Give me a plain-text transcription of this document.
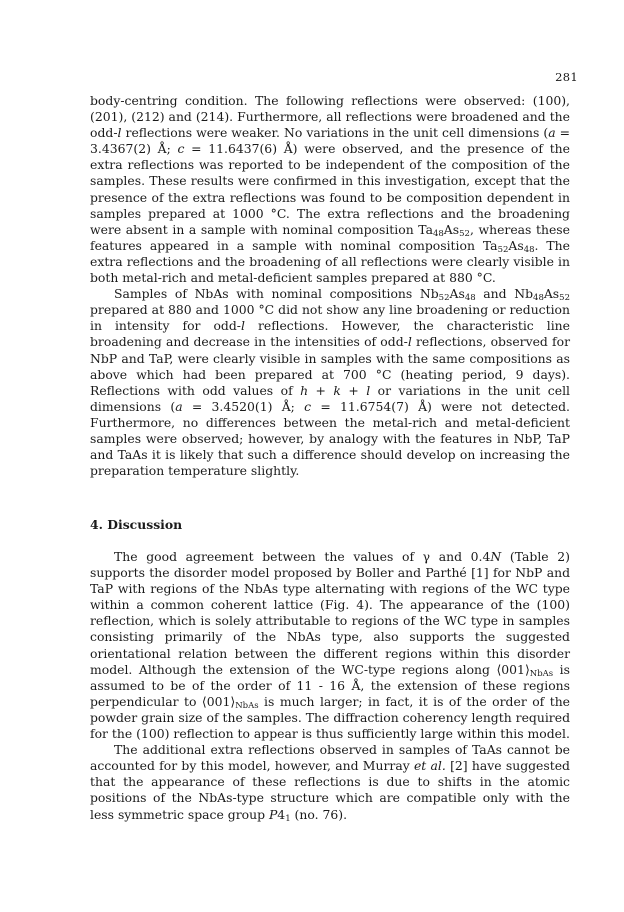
281

body-centring condition. The following reflections were observed: (100), (201), (212) and (214). Furthermore, all reflections were broadened and the odd-l reflections were weaker. No variations in the unit cell dimensions (a = 3.4367(2) Å; c = 11.6437(6) Å) were observed, and the presence of the extra reflections was reported to be independent of the composition of the samples. These results were confirmed in this investigation, except that the presence of the extra reflections was found to be composition dependent in samples prepared at 1000 °C. The extra reflections and the broadening were absent in a sample with nominal composition $Ta_{48}As_{52}$, whereas these features appeared in a sample with nominal composition $Ta_{52}As_{48}$. The extra reflections and the broadening of all reflections were clearly visible in both metal-rich and metal-deficient samples prepared at 880 °C.

Samples of NbAs with nominal compositions $Nb_{52}As_{48}$ and $Nb_{48}As_{52}$ prepared at 880 and 1000 °C did not show any line broadening or reduction in intensity for odd-l reflections. However, the characteristic line broadening and decrease in the intensities of odd-l reflections, observed for NbP and TaP, were clearly visible in samples with the same compositions as above which had been prepared at 700 °C (heating period, 9 days). Reflections with odd values of h + k + l or variations in the unit cell dimensions (a = 3.4520(1) Å; c = 11.6754(7) Å) were not detected. Furthermore, no differences between the metal-rich and metal-deficient samples were observed; however, by analogy with the features in NbP, TaP and TaAs it is likely that such a difference should develop on increasing the preparation temperature slightly.

4. Discussion

The good agreement between the values of γ and 0.4N (Table 2) supports the disorder model proposed by Boller and Parthé [1] for NbP and TaP with regions of the NbAs type alternating with regions of the WC type within a common coherent lattice (Fig. 4). The appearance of the (100) reflection, which is solely attributable to regions of the WC type in samples consisting primarily of the NbAs type, also supports the suggested orientational relation between the different regions within this disorder model. Although the extension of the WC-type regions along $⟨001⟩_{NbAs}$ is assumed to be of the order of 11 - 16 Å, the extension of these regions perpendicular to $⟨001⟩_{NbAs}$ is much larger; in fact, it is of the order of the powder grain size of the samples. The diffraction coherency length required for the (100) reflection to appear is thus sufficiently large within this model.

The additional extra reflections observed in samples of TaAs cannot be accounted for by this model, however, and Murray et al. [2] have suggested that the appearance of these reflections is due to shifts in the atomic positions of the NbAs-type structure which are compatible only with the less symmetric space group $P4_1$ (no. 76).
